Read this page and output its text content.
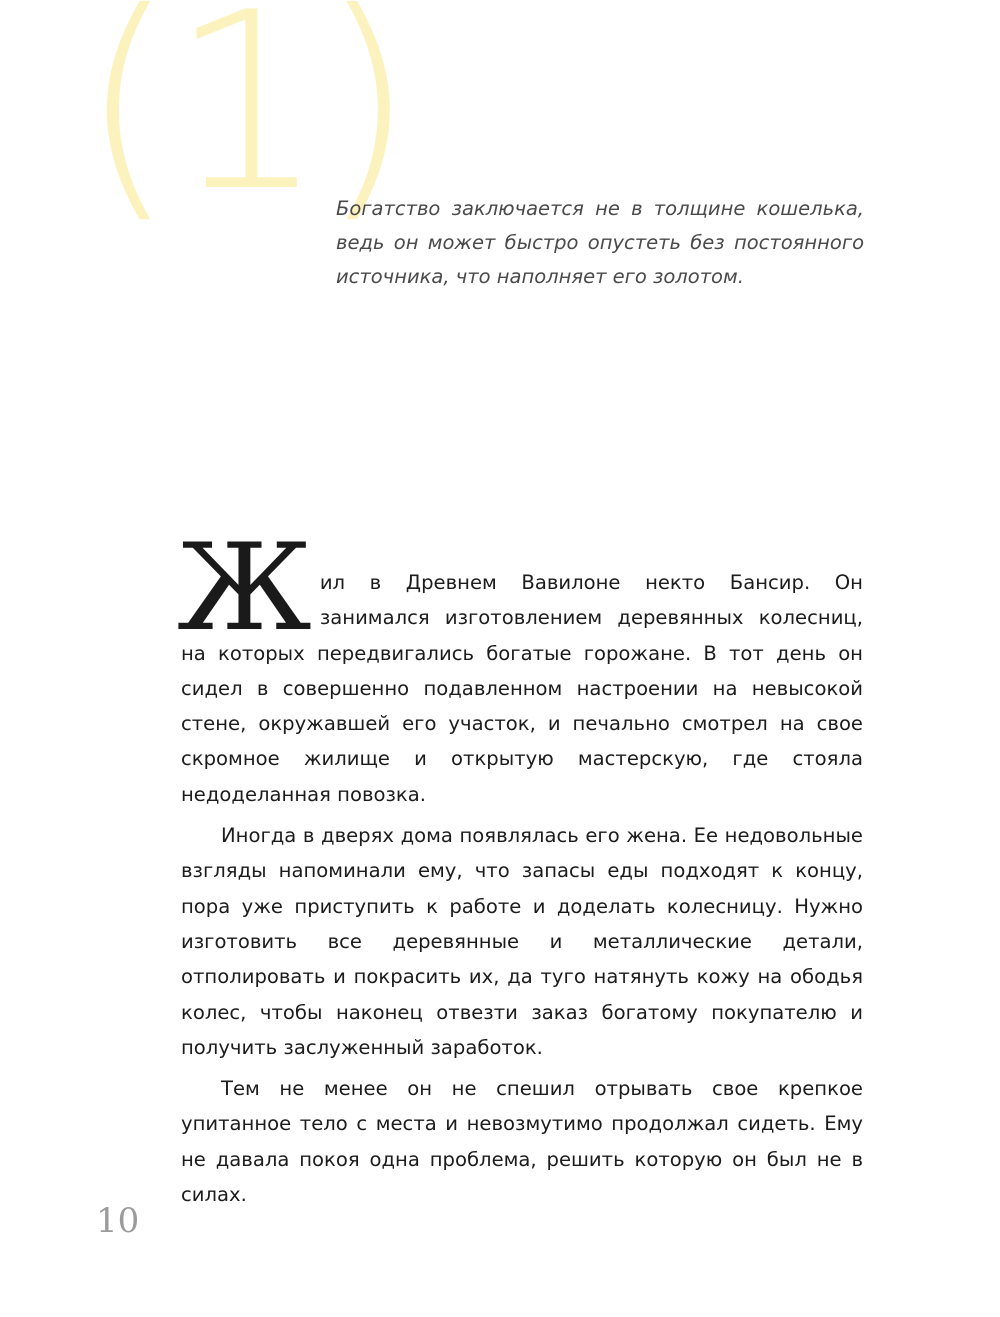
(1)
Богатство заключается не в толщине кошелька, ведь он может быстро опустеть без постоянного источника, что наполняет его золотом.

Жил в Древнем Вавилоне некто Бансир. Он занимался изготовлением деревянных колесниц, на которых передвигались богатые горожане. В тот день он сидел в совершенно подавленном настроении на невысокой стене, окружавшей его участок, и печально смотрел на свое скромное жилище и открытую мастерскую, где стояла недоделанная повозка.

Иногда в дверях дома появлялась его жена. Ее недовольные взгляды напоминали ему, что запасы еды подходят к концу, пора уже приступить к работе и доделать колесницу. Нужно изготовить все деревянные и металлические детали, отполировать и покрасить их, да туго натянуть кожу на ободья колес, чтобы наконец отвезти заказ богатому покупателю и получить заслуженный заработок.

Тем не менее он не спешил отрывать свое крепкое упитанное тело с места и невозмутимо продолжал сидеть. Ему не давала покоя одна проблема, решить которую он был не в силах.

10
